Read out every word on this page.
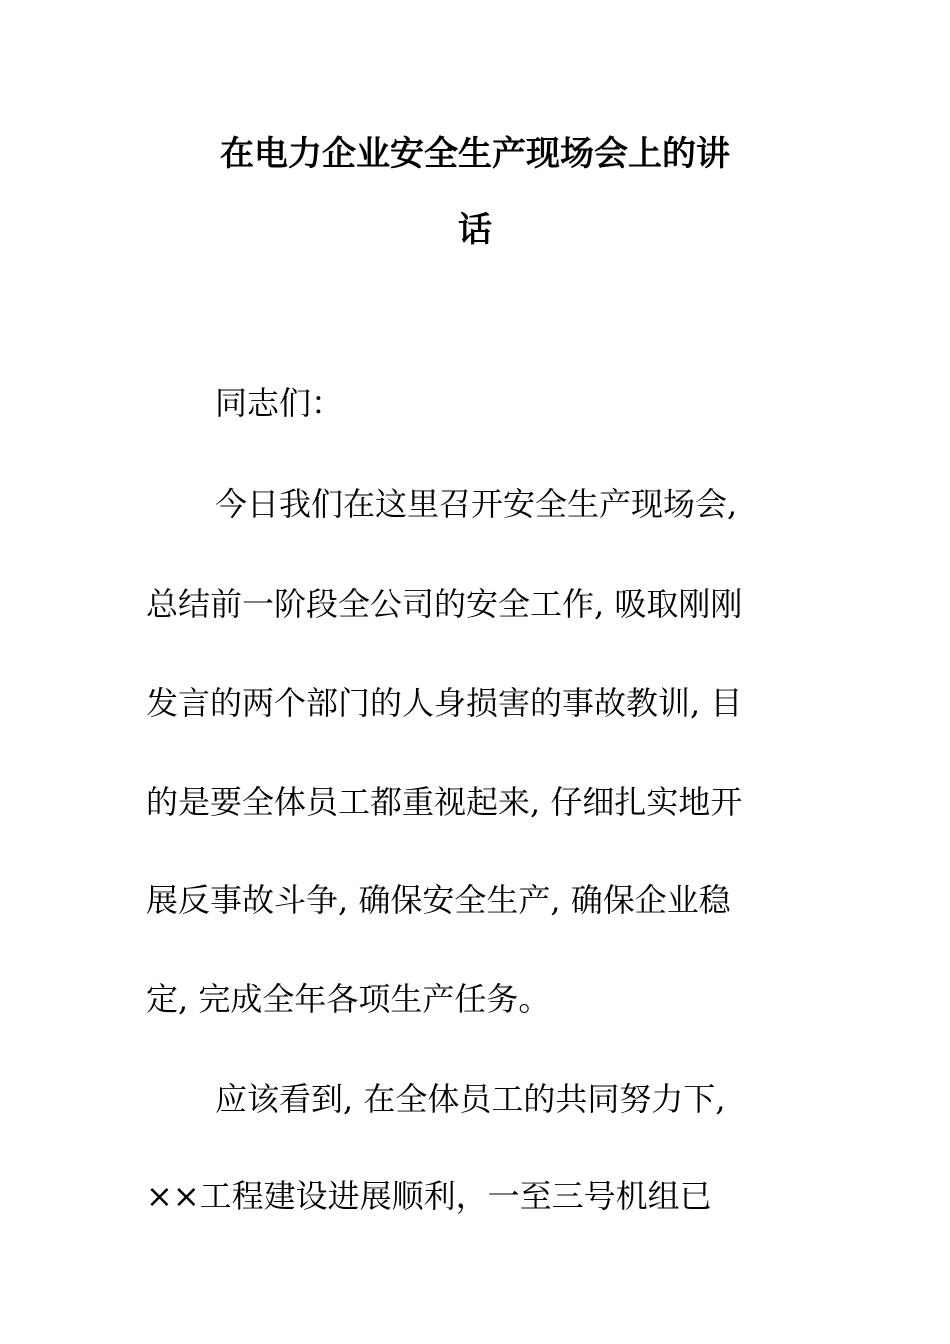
在电力企业安全生产现场会上的讲
话
同志们：
今日我们在这里召开安全生产现场会,
总结前一阶段全公司的安全工作, 吸取刚刚
发言的两个部门的人身损害的事故教训, 目
的是要全体员工都重视起来, 仔细扎实地开
展反事故斗争, 确保安全生产, 确保企业稳
定, 完成全年各项生产任务。
应该看到, 在全体员工的共同努力下,
××工程建设进展顺利，一至三号机组已
